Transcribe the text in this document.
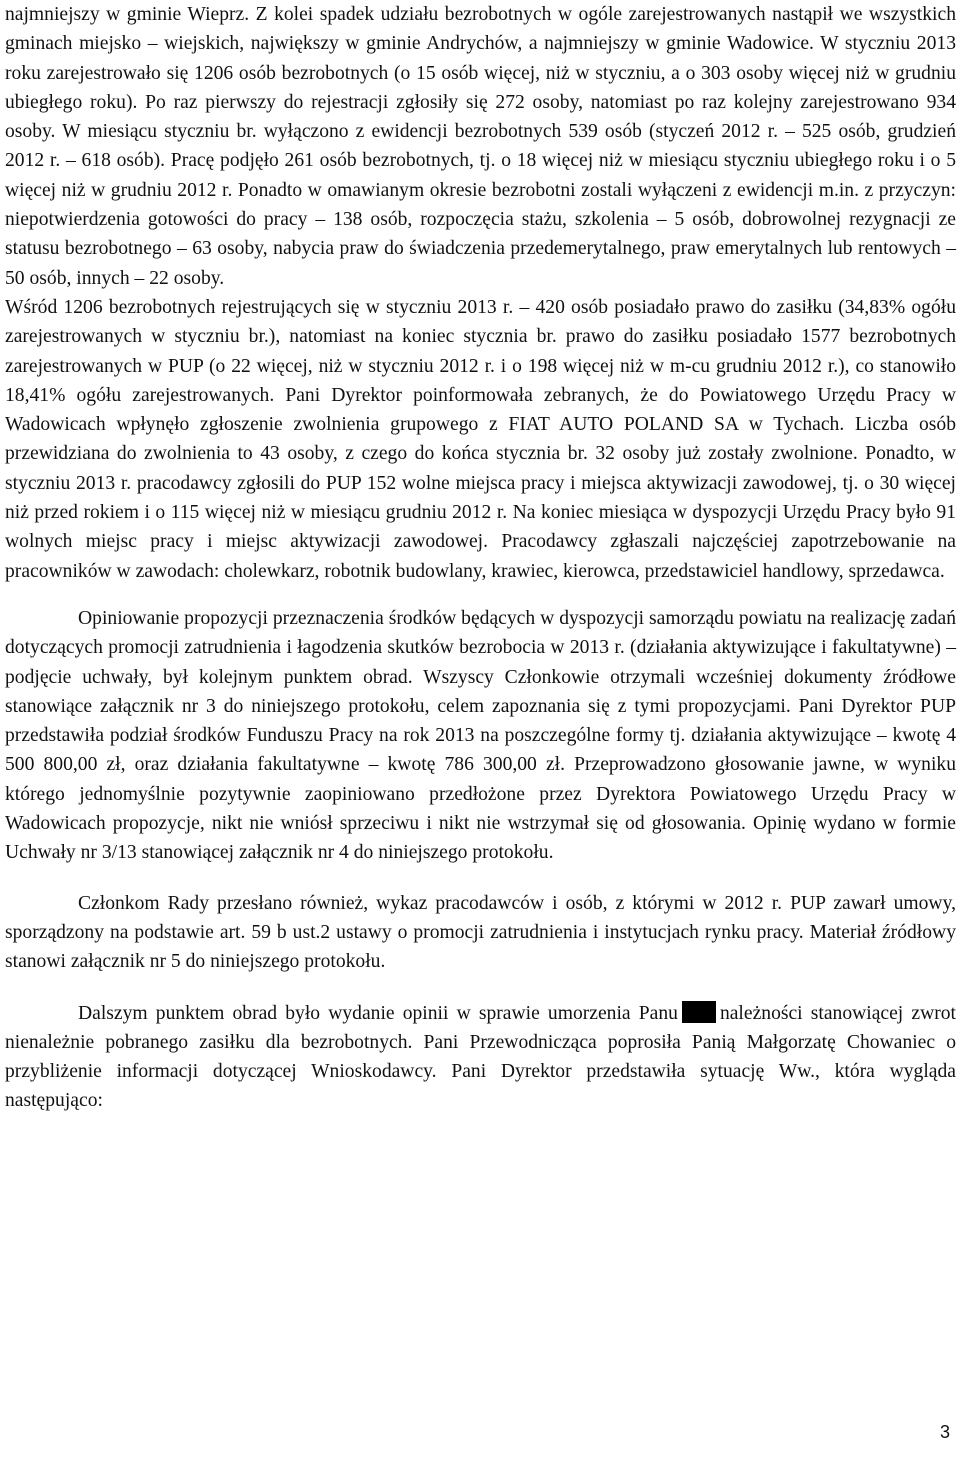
najmniejszy w gminie Wieprz. Z kolei spadek udziału bezrobotnych w ogóle zarejestrowanych nastąpił we wszystkich gminach miejsko – wiejskich, największy w gminie Andrychów, a najmniejszy w gminie Wadowice. W styczniu 2013 roku zarejestrowało się 1206 osób bezrobotnych (o 15 osób więcej, niż w styczniu, a o 303 osoby więcej niż w grudniu ubiegłego roku). Po raz pierwszy do rejestracji zgłosiły się 272 osoby, natomiast po raz kolejny zarejestrowano 934 osoby. W miesiącu styczniu br. wyłączono z ewidencji bezrobotnych 539 osób (styczeń 2012 r. – 525 osób, grudzień 2012 r. – 618 osób). Pracę podjęło 261 osób bezrobotnych, tj. o 18 więcej niż w miesiącu styczniu ubiegłego roku i o 5 więcej niż w grudniu 2012 r. Ponadto w omawianym okresie bezrobotni zostali wyłączeni z ewidencji m.in. z przyczyn: niepotwierdzenia gotowości do pracy – 138 osób, rozpoczęcia stażu, szkolenia – 5 osób, dobrowolnej rezygnacji ze statusu bezrobotnego – 63 osoby, nabycia praw do świadczenia przedemerytalnego, praw emerytalnych lub rentowych – 50 osób, innych – 22 osoby.

Wśród 1206 bezrobotnych rejestrujących się w styczniu 2013 r. – 420 osób posiadało prawo do zasiłku (34,83% ogółu zarejestrowanych w styczniu br.), natomiast na koniec stycznia br. prawo do zasiłku posiadało 1577 bezrobotnych zarejestrowanych w PUP (o 22 więcej, niż w styczniu 2012 r. i o 198 więcej niż w m-cu grudniu 2012 r.), co stanowiło 18,41% ogółu zarejestrowanych. Pani Dyrektor poinformowała zebranych, że do Powiatowego Urzędu Pracy w Wadowicach wpłynęło zgłoszenie zwolnienia grupowego z FIAT AUTO POLAND SA w Tychach. Liczba osób przewidziana do zwolnienia to 43 osoby, z czego do końca stycznia br. 32 osoby już zostały zwolnione. Ponadto, w styczniu 2013 r. pracodawcy zgłosili do PUP 152 wolne miejsca pracy i miejsca aktywizacji zawodowej, tj. o 30 więcej niż przed rokiem i o 115 więcej niż w miesiącu grudniu 2012 r. Na koniec miesiąca w dyspozycji Urzędu Pracy było 91 wolnych miejsc pracy i miejsc aktywizacji zawodowej. Pracodawcy zgłaszali najczęściej zapotrzebowanie na pracowników w zawodach: cholewkarz, robotnik budowlany, krawiec, kierowca, przedstawiciel handlowy, sprzedawca.

Opiniowanie propozycji przeznaczenia środków będących w dyspozycji samorządu powiatu na realizację zadań dotyczących promocji zatrudnienia i łagodzenia skutków bezrobocia w 2013 r. (działania aktywizujące i fakultatywne) – podjęcie uchwały, był kolejnym punktem obrad. Wszyscy Członkowie otrzymali wcześniej dokumenty źródłowe stanowiące załącznik nr 3 do niniejszego protokołu, celem zapoznania się z tymi propozycjami. Pani Dyrektor PUP przedstawiła podział środków Funduszu Pracy na rok 2013 na poszczególne formy tj. działania aktywizujące – kwotę 4 500 800,00 zł, oraz działania fakultatywne – kwotę 786 300,00 zł. Przeprowadzono głosowanie jawne, w wyniku którego jednomyślnie pozytywnie zaopiniowano przedłożone przez Dyrektora Powiatowego Urzędu Pracy w Wadowicach propozycje, nikt nie wniósł sprzeciwu i nikt nie wstrzymał się od głosowania. Opinię wydano w formie Uchwały nr 3/13 stanowiącej załącznik nr 4 do niniejszego protokołu.

Członkom Rady przesłano również, wykaz pracodawców i osób, z którymi w 2012 r. PUP zawarł umowy, sporządzony na podstawie art. 59 b ust.2 ustawy o promocji zatrudnienia i instytucjach rynku pracy. Materiał źródłowy stanowi załącznik nr 5 do niniejszego protokołu.

Dalszym punktem obrad było wydanie opinii w sprawie umorzenia Panu należności stanowiącej zwrot nienależnie pobranego zasiłku dla bezrobotnych. Pani Przewodnicząca poprosiła Panią Małgorzatę Chowaniec o przybliżenie informacji dotyczącej Wnioskodawcy. Pani Dyrektor przedstawiła sytuację Ww., która wygląda następująco:

3
